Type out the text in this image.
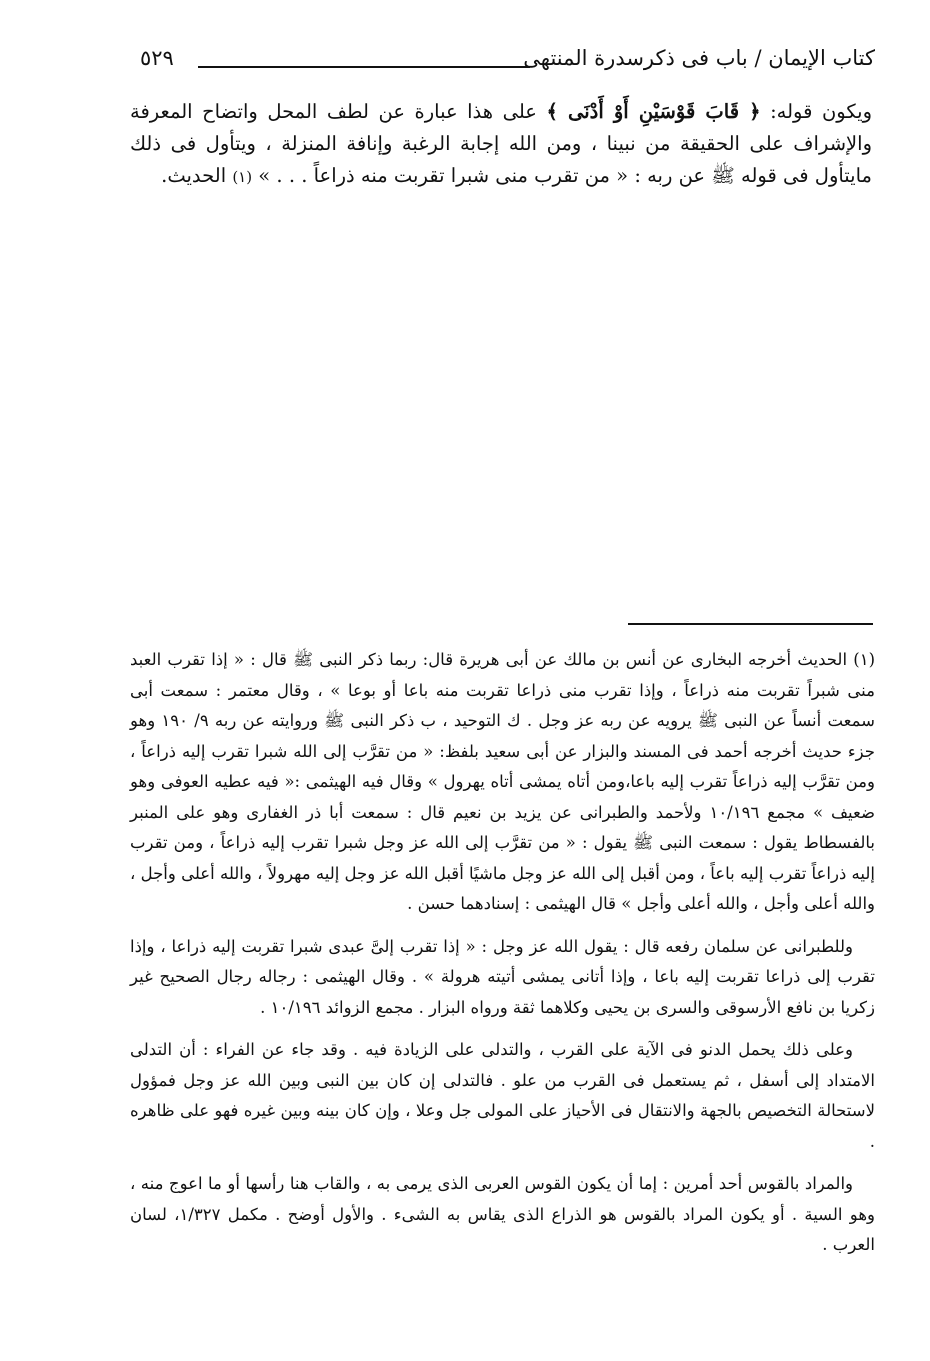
كتاب الإيمان / باب فى ذكرسدرة المنتهى
٥٢٩

ويكون قوله: ﴿ قَابَ قَوْسَيْنِ أَوْ أَدْنَى ﴾ على هذا عبارة عن لطف المحل واتضاح المعرفة والإشراف على الحقيقة من نبينا ، ومن الله إجابة الرغبة وإنافة المنزلة ، ويتأول فى ذلك مايتأول فى قوله ﷺ عن ربه : « من تقرب منى شبرا تقربت منه ذراعاً . . . » (١) الحديث.

(١) الحديث أخرجه البخارى عن أنس بن مالك عن أبى هريرة قال: ربما ذكر النبى ﷺ قال : « إذا تقرب العبد منى شبراً تقربت منه ذراعاً ، وإذا تقرب منى ذراعا تقربت منه باعا أو بوعا » ، وقال معتمر : سمعت أبى سمعت أنساً عن النبى ﷺ يرويه عن ربه عز وجل . ك التوحيد ، ب ذكر النبى ﷺ وروايته عن ربه ٩/ ١٩٠ وهو جزء حديث أخرجه أحمد فى المسند والبزار عن أبى سعيد بلفظ: « من تقرَّب إلى الله شبرا تقرب إليه ذراعاً ، ومن تقرَّب إليه ذراعاً تقرب إليه باعا،ومن أتاه يمشى أتاه يهرول » وقال فيه الهيثمى :« فيه عطيه العوفى وهو ضعيف » مجمع ١٠/١٩٦ ولأحمد والطبرانى عن يزيد بن نعيم قال : سمعت أبا ذر الغفارى وهو على المنبر بالفسطاط يقول : سمعت النبى ﷺ يقول : « من تقرَّب إلى الله عز وجل شبرا تقرب إليه ذراعاً ، ومن تقرب إليه ذراعاً تقرب إليه باعاً ، ومن أقبل إلى الله عز وجل ماشيًا أقبل الله عز وجل إليه مهرولاً ، والله أعلى وأجل ، والله أعلى وأجل ، والله أعلى وأجل » قال الهيثمى : إسنادهما حسن .

وللطبرانى عن سلمان رفعه قال : يقول الله عز وجل : « إذا تقرب إلىَّ عبدى شبرا تقربت إليه ذراعا ، وإذا تقرب إلى ذراعا تقربت إليه باعا ، وإذا أتانى يمشى أتيته هرولة » . وقال الهيثمى : رجاله رجال الصحيح غير زكريا بن نافع الأرسوقى والسرى بن يحيى وكلاهما ثقة ورواه البزار . مجمع الزوائد ١٠/١٩٦ .

وعلى ذلك يحمل الدنو فى الآية على القرب ، والتدلى على الزيادة فيه . وقد جاء عن الفراء : أن التدلى الامتداد إلى أسفل ، ثم يستعمل فى القرب من علو . فالتدلى إن كان بين النبى وبين الله عز وجل فمؤول لاستحالة التخصيص بالجهة والانتقال فى الأحياز على المولى جل وعلا ، وإن كان بينه وبين غيره فهو على ظاهره .

والمراد بالقوس أحد أمرين : إما أن يكون القوس العربى الذى يرمى به ، والقاب هنا رأسها أو ما اعوج منه ، وهو السية . أو يكون المراد بالقوس هو الذراع الذى يقاس به الشىء . والأول أوضح . مكمل ١/٣٢٧، لسان العرب .
